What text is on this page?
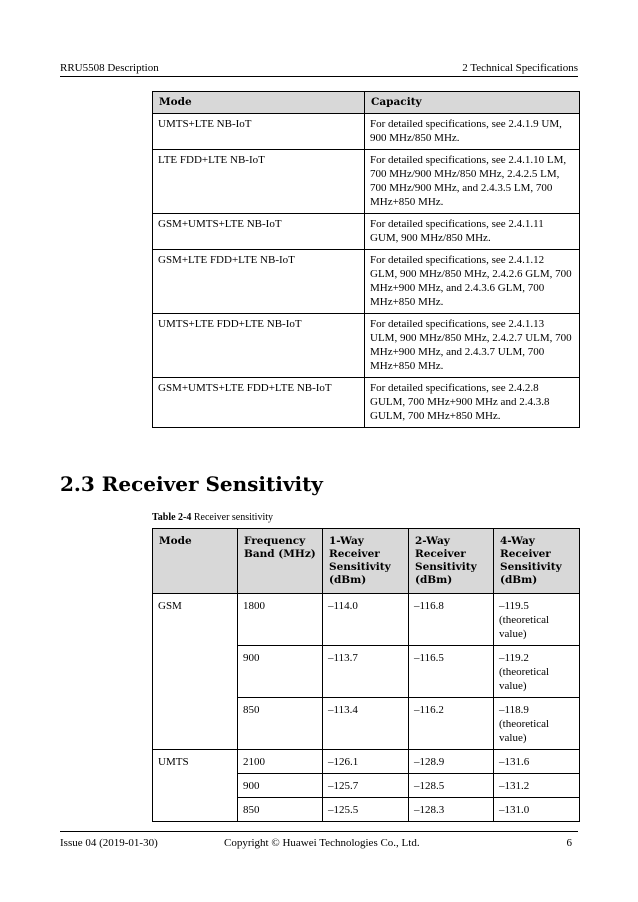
RRU5508 Description	2 Technical Specifications
Mode	Capacity
UMTS+LTE NB-IoT	For detailed specifications, see 2.4.1.9 UM, 900 MHz/850 MHz.
LTE FDD+LTE NB-IoT	For detailed specifications, see 2.4.1.10 LM, 700 MHz/900 MHz/850 MHz, 2.4.2.5 LM, 700 MHz/900 MHz, and 2.4.3.5 LM, 700 MHz+850 MHz.
GSM+UMTS+LTE NB-IoT	For detailed specifications, see 2.4.1.11 GUM, 900 MHz/850 MHz.
GSM+LTE FDD+LTE NB-IoT	For detailed specifications, see 2.4.1.12 GLM, 900 MHz/850 MHz, 2.4.2.6 GLM, 700 MHz+900 MHz, and 2.4.3.6 GLM, 700 MHz+850 MHz.
UMTS+LTE FDD+LTE NB-IoT	For detailed specifications, see 2.4.1.13 ULM, 900 MHz/850 MHz, 2.4.2.7 ULM, 700 MHz+900 MHz, and 2.4.3.7 ULM, 700 MHz+850 MHz.
GSM+UMTS+LTE FDD+LTE NB-IoT	For detailed specifications, see 2.4.2.8 GULM, 700 MHz+900 MHz and 2.4.3.8 GULM, 700 MHz+850 MHz.
2.3 Receiver Sensitivity
Table 2-4 Receiver sensitivity
Mode	Frequency Band (MHz)	1-Way Receiver Sensitivity (dBm)	2-Way Receiver Sensitivity (dBm)	4-Way Receiver Sensitivity (dBm)
GSM	1800	–114.0	–116.8	–119.5 (theoretical value)
	900	–113.7	–116.5	–119.2 (theoretical value)
	850	–113.4	–116.2	–118.9 (theoretical value)
UMTS	2100	–126.1	–128.9	–131.6
	900	–125.7	–128.5	–131.2
	850	–125.5	–128.3	–131.0
Issue 04 (2019-01-30)	Copyright © Huawei Technologies Co., Ltd.	6
